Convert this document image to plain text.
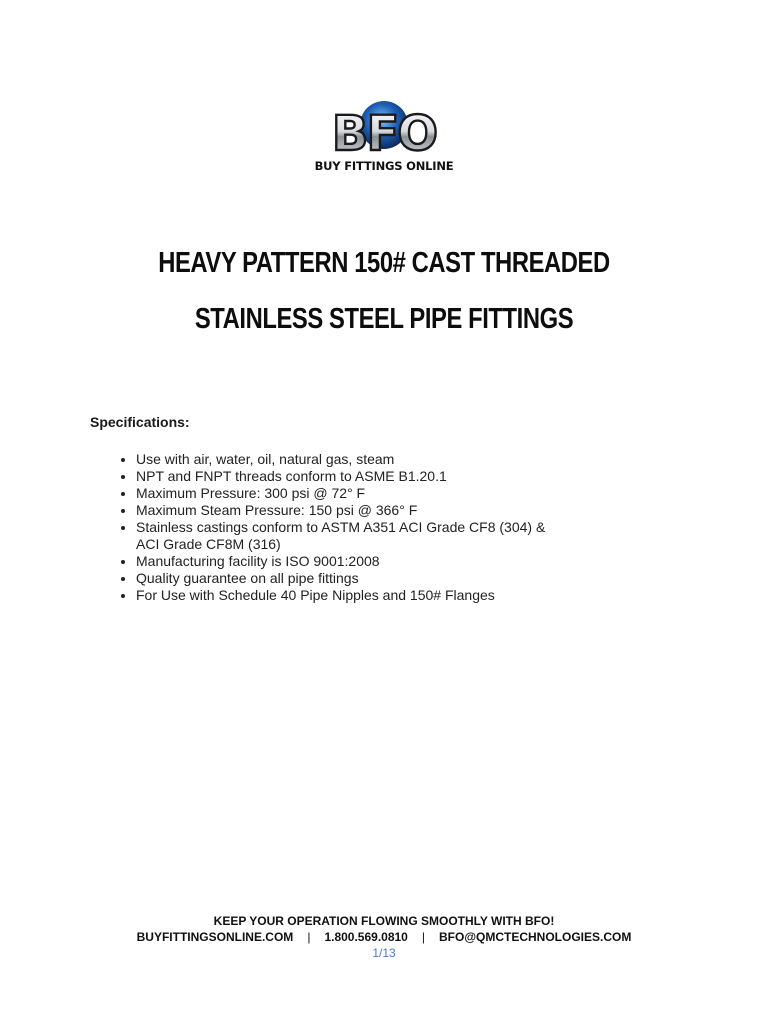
BFO
BUY FITTINGS ONLINE
HEAVY PATTERN 150# CAST THREADED
STAINLESS STEEL PIPE FITTINGS
Specifications:
• Use with air, water, oil, natural gas, steam
• NPT and FNPT threads conform to ASME B1.20.1
• Maximum Pressure: 300 psi @ 72° F
• Maximum Steam Pressure: 150 psi @ 366° F
• Stainless castings conform to ASTM A351 ACI Grade CF8 (304) & ACI Grade CF8M (316)
• Manufacturing facility is ISO 9001:2008
• Quality guarantee on all pipe fittings
• For Use with Schedule 40 Pipe Nipples and 150# Flanges
KEEP YOUR OPERATION FLOWING SMOOTHLY WITH BFO!
BUYFITTINGSONLINE.COM | 1.800.569.0810 | BFO@QMCTECHNOLOGIES.COM
1/13
